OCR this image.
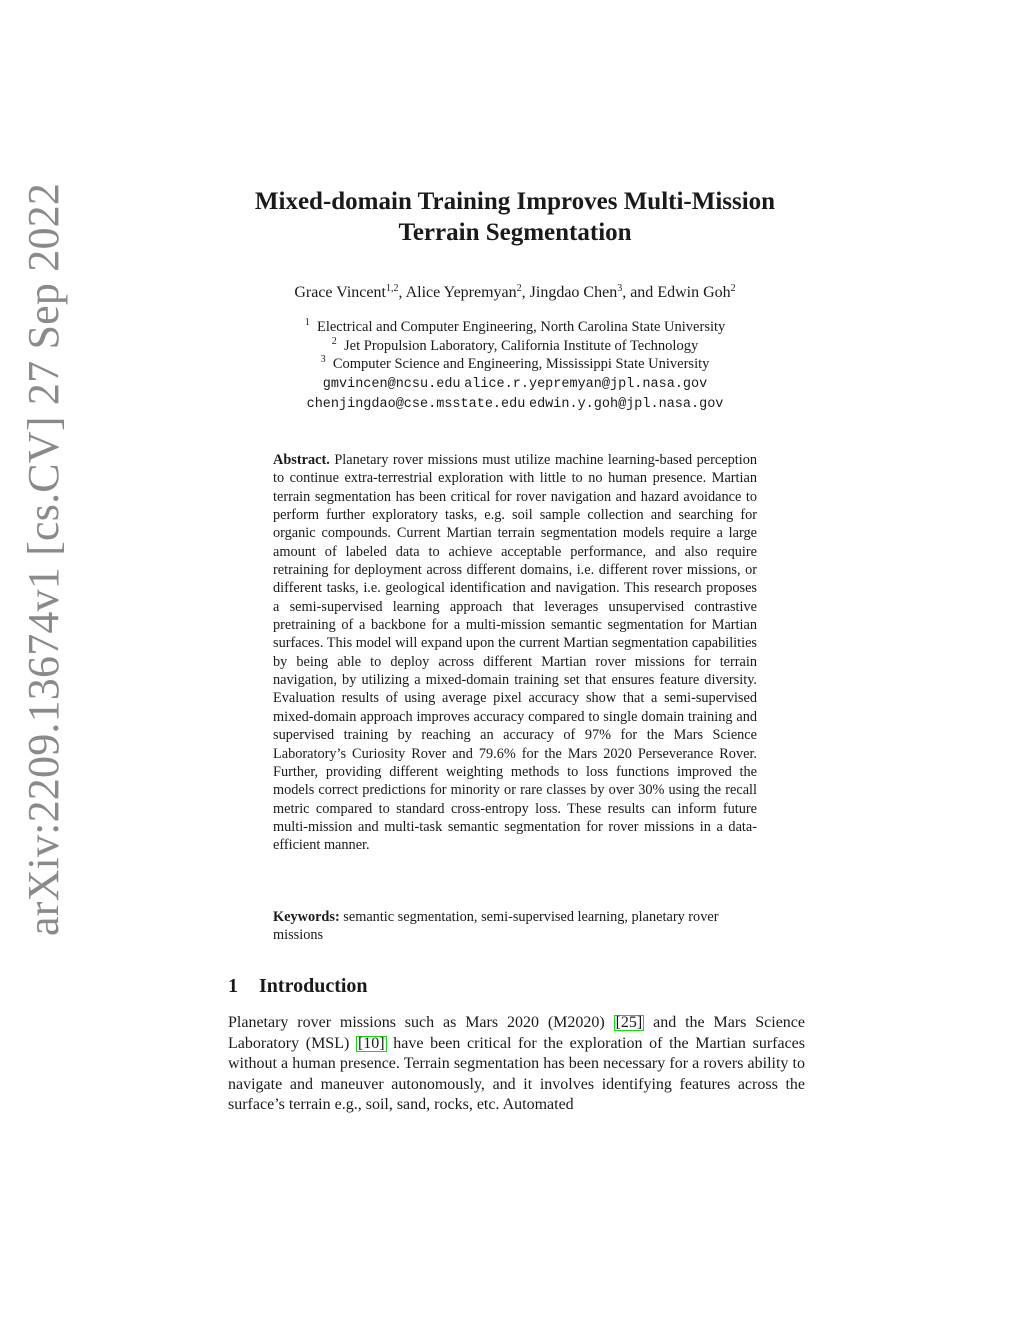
arXiv:2209.13674v1 [cs.CV] 27 Sep 2022	Mixed-domain Training Improves Multi-Mission
Terrain Segmentation
Grace Vincent$^{1,2}$, Alice Yepremyan$^2$, Jingdao Chen$^3$, and Edwin Goh$^2$
$^1$ Electrical and Computer Engineering, North Carolina State University
$^2$ Jet Propulsion Laboratory, California Institute of Technology
$^3$ Computer Science and Engineering, Mississippi State University
gmvincen@ncsu.edu alice.r.yepremyan@jpl.nasa.gov
chenjingdao@cse.msstate.edu edwin.y.goh@jpl.nasa.gov

Abstract. Planetary rover missions must utilize machine learning-based perception to continue extra-terrestrial exploration with little to no human presence. Martian terrain segmentation has been critical for rover navigation and hazard avoidance to perform further exploratory tasks, e.g. soil sample collection and searching for organic compounds. Current Martian terrain segmentation models require a large amount of labeled data to achieve acceptable performance, and also require retraining for deployment across different domains, i.e. different rover missions, or different tasks, i.e. geological identification and navigation. This research proposes a semi-supervised learning approach that leverages unsupervised contrastive pretraining of a backbone for a multi-mission semantic segmentation for Martian surfaces. This model will expand upon the current Martian segmentation capabilities by being able to deploy across different Martian rover missions for terrain navigation, by utilizing a mixed-domain training set that ensures feature diversity. Evaluation results of using average pixel accuracy show that a semi-supervised mixed-domain approach improves accuracy compared to single domain training and supervised training by reaching an accuracy of 97% for the Mars Science Laboratory’s Curiosity Rover and 79.6% for the Mars 2020 Perseverance Rover. Further, providing different weighting methods to loss functions improved the models correct predictions for minority or rare classes by over 30% using the recall metric compared to standard cross-entropy loss. These results can inform future multi-mission and multi-task semantic segmentation for rover missions in a data-efficient manner.

Keywords: semantic segmentation, semi-supervised learning, planetary rover missions

1 Introduction

Planetary rover missions such as Mars 2020 (M2020) [25] and the Mars Science Laboratory (MSL) [10] have been critical for the exploration of the Martian surfaces without a human presence. Terrain segmentation has been necessary for a rovers ability to navigate and maneuver autonomously, and it involves identifying features across the surface’s terrain e.g., soil, sand, rocks, etc. Automated
